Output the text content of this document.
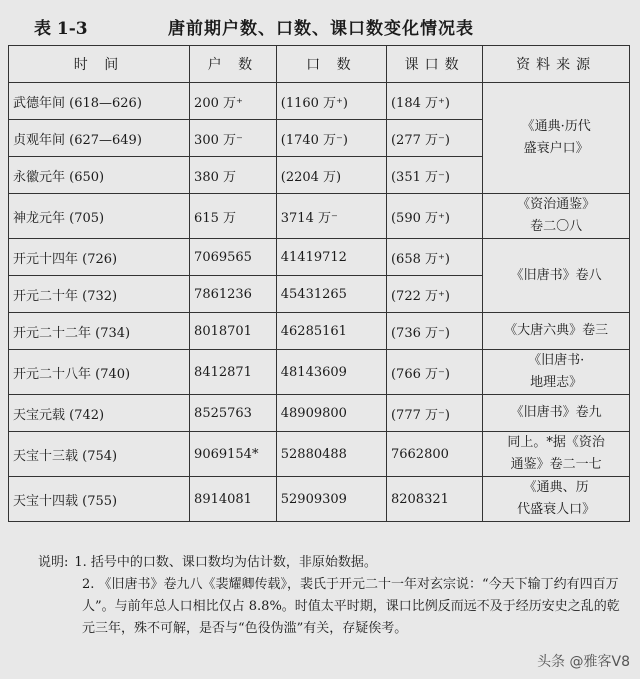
表 1-3	唐前期户数、口数、课口数变化情况表
时 间	户 数	口 数	课口数	资料来源
武德年间 (618—626)	200 万⁺	(1160 万⁺)	(184 万⁺)	《通典·历代
盛衰户口》
贞观年间 (627—649)	300 万⁻	(1740 万⁻)	(277 万⁻)	
永徽元年 (650)	380 万	(2204 万)	(351 万⁻)	
神龙元年 (705)	615 万	3714 万⁻	(590 万⁺)	《资治通鉴》
卷二〇八
开元十四年 (726)	7069565	41419712	(658 万⁺)	《旧唐书》卷八
开元二十年 (732)	7861236	45431265	(722 万⁺)	
开元二十二年 (734)	8018701	46285161	(736 万⁻)	《大唐六典》卷三
开元二十八年 (740)	8412871	48143609	(766 万⁻)	《旧唐书·
地理志》
天宝元载 (742)	8525763	48909800	(777 万⁻)	《旧唐书》卷九
天宝十三载 (754)	9069154*	52880488	7662800	同上。*据《资治
通鉴》卷二一七
天宝十四载 (755)	8914081	52909309	8208321	《通典、历
代盛衰人口》
说明: 1. 括号中的口数、课口数均为估计数，非原始数据。
2. 《旧唐书》卷九八《裴耀卿传载》，裴氏于开元二十一年对玄宗说：“今天下输丁约有四百万人”。与前年总人口相比仅占 8.8%。时值太平时期，课口比例反而远不及于经历安史之乱的乾元三年，殊不可解，是否与“色役伪滥”有关，存疑俟考。
头条 @雅客V8
